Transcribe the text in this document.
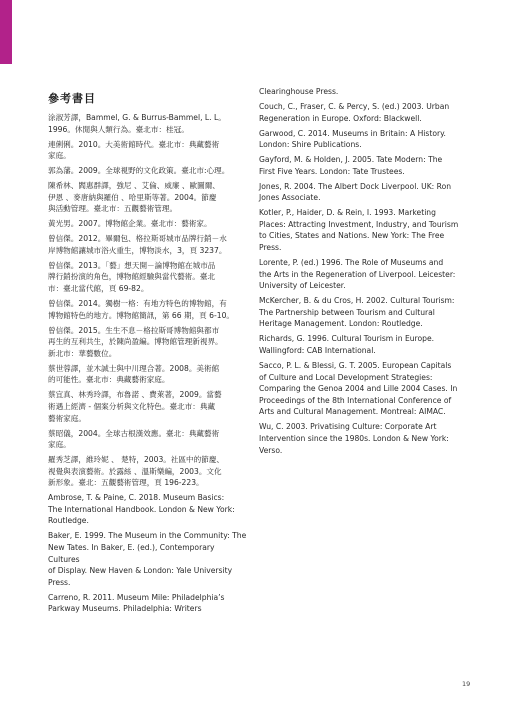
參考書目

涂淑芳譯，Bammel, G. & Burrus-Bammel, L. L。
1996。休閒與人類行為。臺北市：桂冠。

連俐俐。2010。大美術館時代。臺北市：典藏藝術
家庭。

郭為藩。2009。全球視野的文化政策。臺北市:心理。

陳希林、閻惠群譯，強尼 、艾倫、威廉 、歐圖爾、
伊恩 、麥唐納與羅伯 、哈里斯等著。2004。節慶
與活動管理。臺北市：五觀藝術管理。

黃光男。2007。博物館企業。臺北市：藝術家。

曾信傑。2012。畢爾包、格拉斯哥城市品牌行銷－水
岸博物館讓城市浴火重生，博物淡水，3，頁 3237。

曾信傑。2013。「藝」想天開－論博物館在城市品
牌行銷扮演的角色，博物館經驗與當代藝術。臺北
市：臺北當代館，頁 69-82。

曾信傑。2014。獨樹一格：有地方特色的博物館，有
博物館特色的地方。博物館簡訊，第 66 期，頁 6-10。

曾信傑。2015。生生不息－格拉斯哥博物館與都市
再生的互利共生，於陳尚盈編。博物館管理新視界。
新北市：華藝數位。

蔡世蓉譯，並木誠士與中川理合著。2008。美術館
的可能性。臺北市：典藏藝術家庭。

蔡宜真、林秀玲譯，布魯諾 、費萊著，2009。當藝
術遇上經濟 - 個案分析與文化特色。臺北市：典藏
藝術家庭。

蔡昭儀，2004。全球古根漢效應。臺北：典藏藝術
家庭。

羅秀芝譯，維玲妮 、 楚特，2003。社區中的節慶、
視覺與表演藝術。於露絲 、溫斯樂編，2003。文化
新形象。臺北：五觀藝術管理，頁 196-223。

Ambrose, T. & Paine, C. 2018. Museum Basics:
The International Handbook. London & New York:
Routledge.

Baker, E. 1999. The Museum in the Community: The
New Tates. In Baker, E. (ed.), Contemporary Cultures
of Display. New Haven & London: Yale University
Press.

Carreno, R. 2011. Museum Mile: Philadelphia’s
Parkway Museums. Philadelphia: Writers

Clearinghouse Press.

Couch, C., Fraser, C. & Percy, S. (ed.) 2003. Urban
Regeneration in Europe. Oxford: Blackwell.

Garwood, C. 2014. Museums in Britain: A History.
London: Shire Publications.

Gayford, M. & Holden, J. 2005. Tate Modern: The
First Five Years. London: Tate Trustees.

Jones, R. 2004. The Albert Dock Liverpool. UK: Ron
Jones Associate.

Kotler, P., Haider, D. & Rein, I. 1993. Marketing
Places: Attracting Investment, Industry, and Tourism
to Cities, States and Nations. New York: The Free
Press.

Lorente, P. (ed.) 1996. The Role of Museums and
the Arts in the Regeneration of Liverpool. Leicester:
University of Leicester.

McKercher, B. & du Cros, H. 2002. Cultural Tourism:
The Partnership between Tourism and Cultural
Heritage Management. London: Routledge.

Richards, G. 1996. Cultural Tourism in Europe.
Wallingford: CAB International.

Sacco, P. L. & Blessi, G. T. 2005. European Capitals
of Culture and Local Development Strategies:
Comparing the Genoa 2004 and Lille 2004 Cases. In
Proceedings of the 8th International Conference of
Arts and Cultural Management. Montreal: AIMAC.

Wu, C. 2003. Privatising Culture: Corporate Art
Intervention since the 1980s. London & New York:
Verso.

19
